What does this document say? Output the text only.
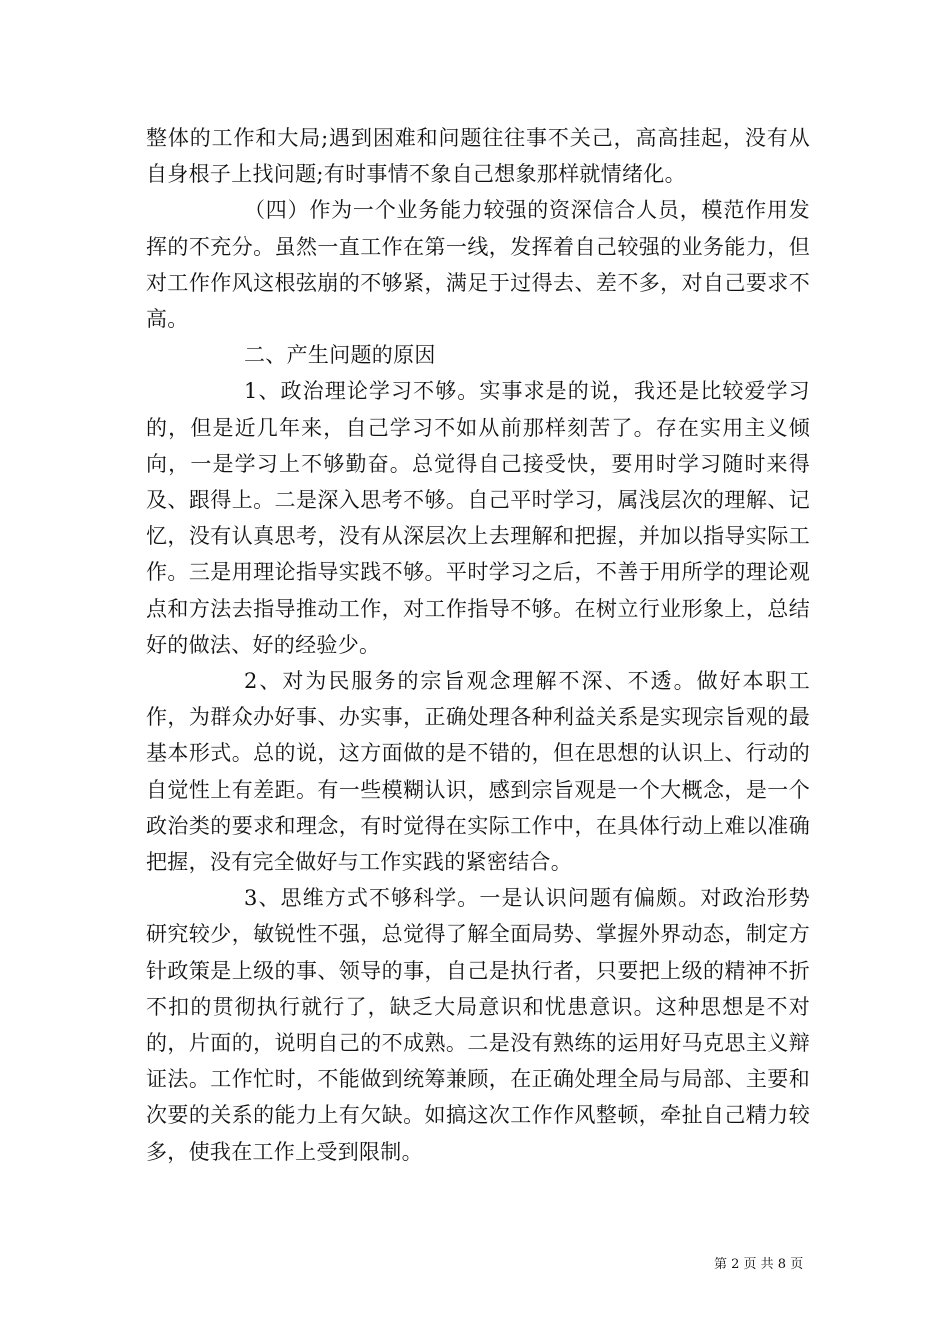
整体的工作和大局;遇到困难和问题往往事不关己，高高挂起，没有从自身根子上找问题;有时事情不象自己想象那样就情绪化。

（四）作为一个业务能力较强的资深信合人员，模范作用发挥的不充分。虽然一直工作在第一线，发挥着自己较强的业务能力，但对工作作风这根弦崩的不够紧，满足于过得去、差不多，对自己要求不高。

二、产生问题的原因

1、政治理论学习不够。实事求是的说，我还是比较爱学习的，但是近几年来，自己学习不如从前那样刻苦了。存在实用主义倾向，一是学习上不够勤奋。总觉得自己接受快，要用时学习随时来得及、跟得上。二是深入思考不够。自己平时学习，属浅层次的理解、记忆，没有认真思考，没有从深层次上去理解和把握，并加以指导实际工作。三是用理论指导实践不够。平时学习之后，不善于用所学的理论观点和方法去指导推动工作，对工作指导不够。在树立行业形象上，总结好的做法、好的经验少。

2、对为民服务的宗旨观念理解不深、不透。做好本职工作，为群众办好事、办实事，正确处理各种利益关系是实现宗旨观的最基本形式。总的说，这方面做的是不错的，但在思想的认识上、行动的自觉性上有差距。有一些模糊认识，感到宗旨观是一个大概念，是一个政治类的要求和理念，有时觉得在实际工作中，在具体行动上难以准确把握，没有完全做好与工作实践的紧密结合。

3、思维方式不够科学。一是认识问题有偏颇。对政治形势研究较少，敏锐性不强，总觉得了解全面局势、掌握外界动态，制定方针政策是上级的事、领导的事，自己是执行者，只要把上级的精神不折不扣的贯彻执行就行了，缺乏大局意识和忧患意识。这种思想是不对的，片面的，说明自己的不成熟。二是没有熟练的运用好马克思主义辩证法。工作忙时，不能做到统筹兼顾，在正确处理全局与局部、主要和次要的关系的能力上有欠缺。如搞这次工作作风整顿，牵扯自己精力较多，使我在工作上受到限制。

第 2 页 共 8 页
